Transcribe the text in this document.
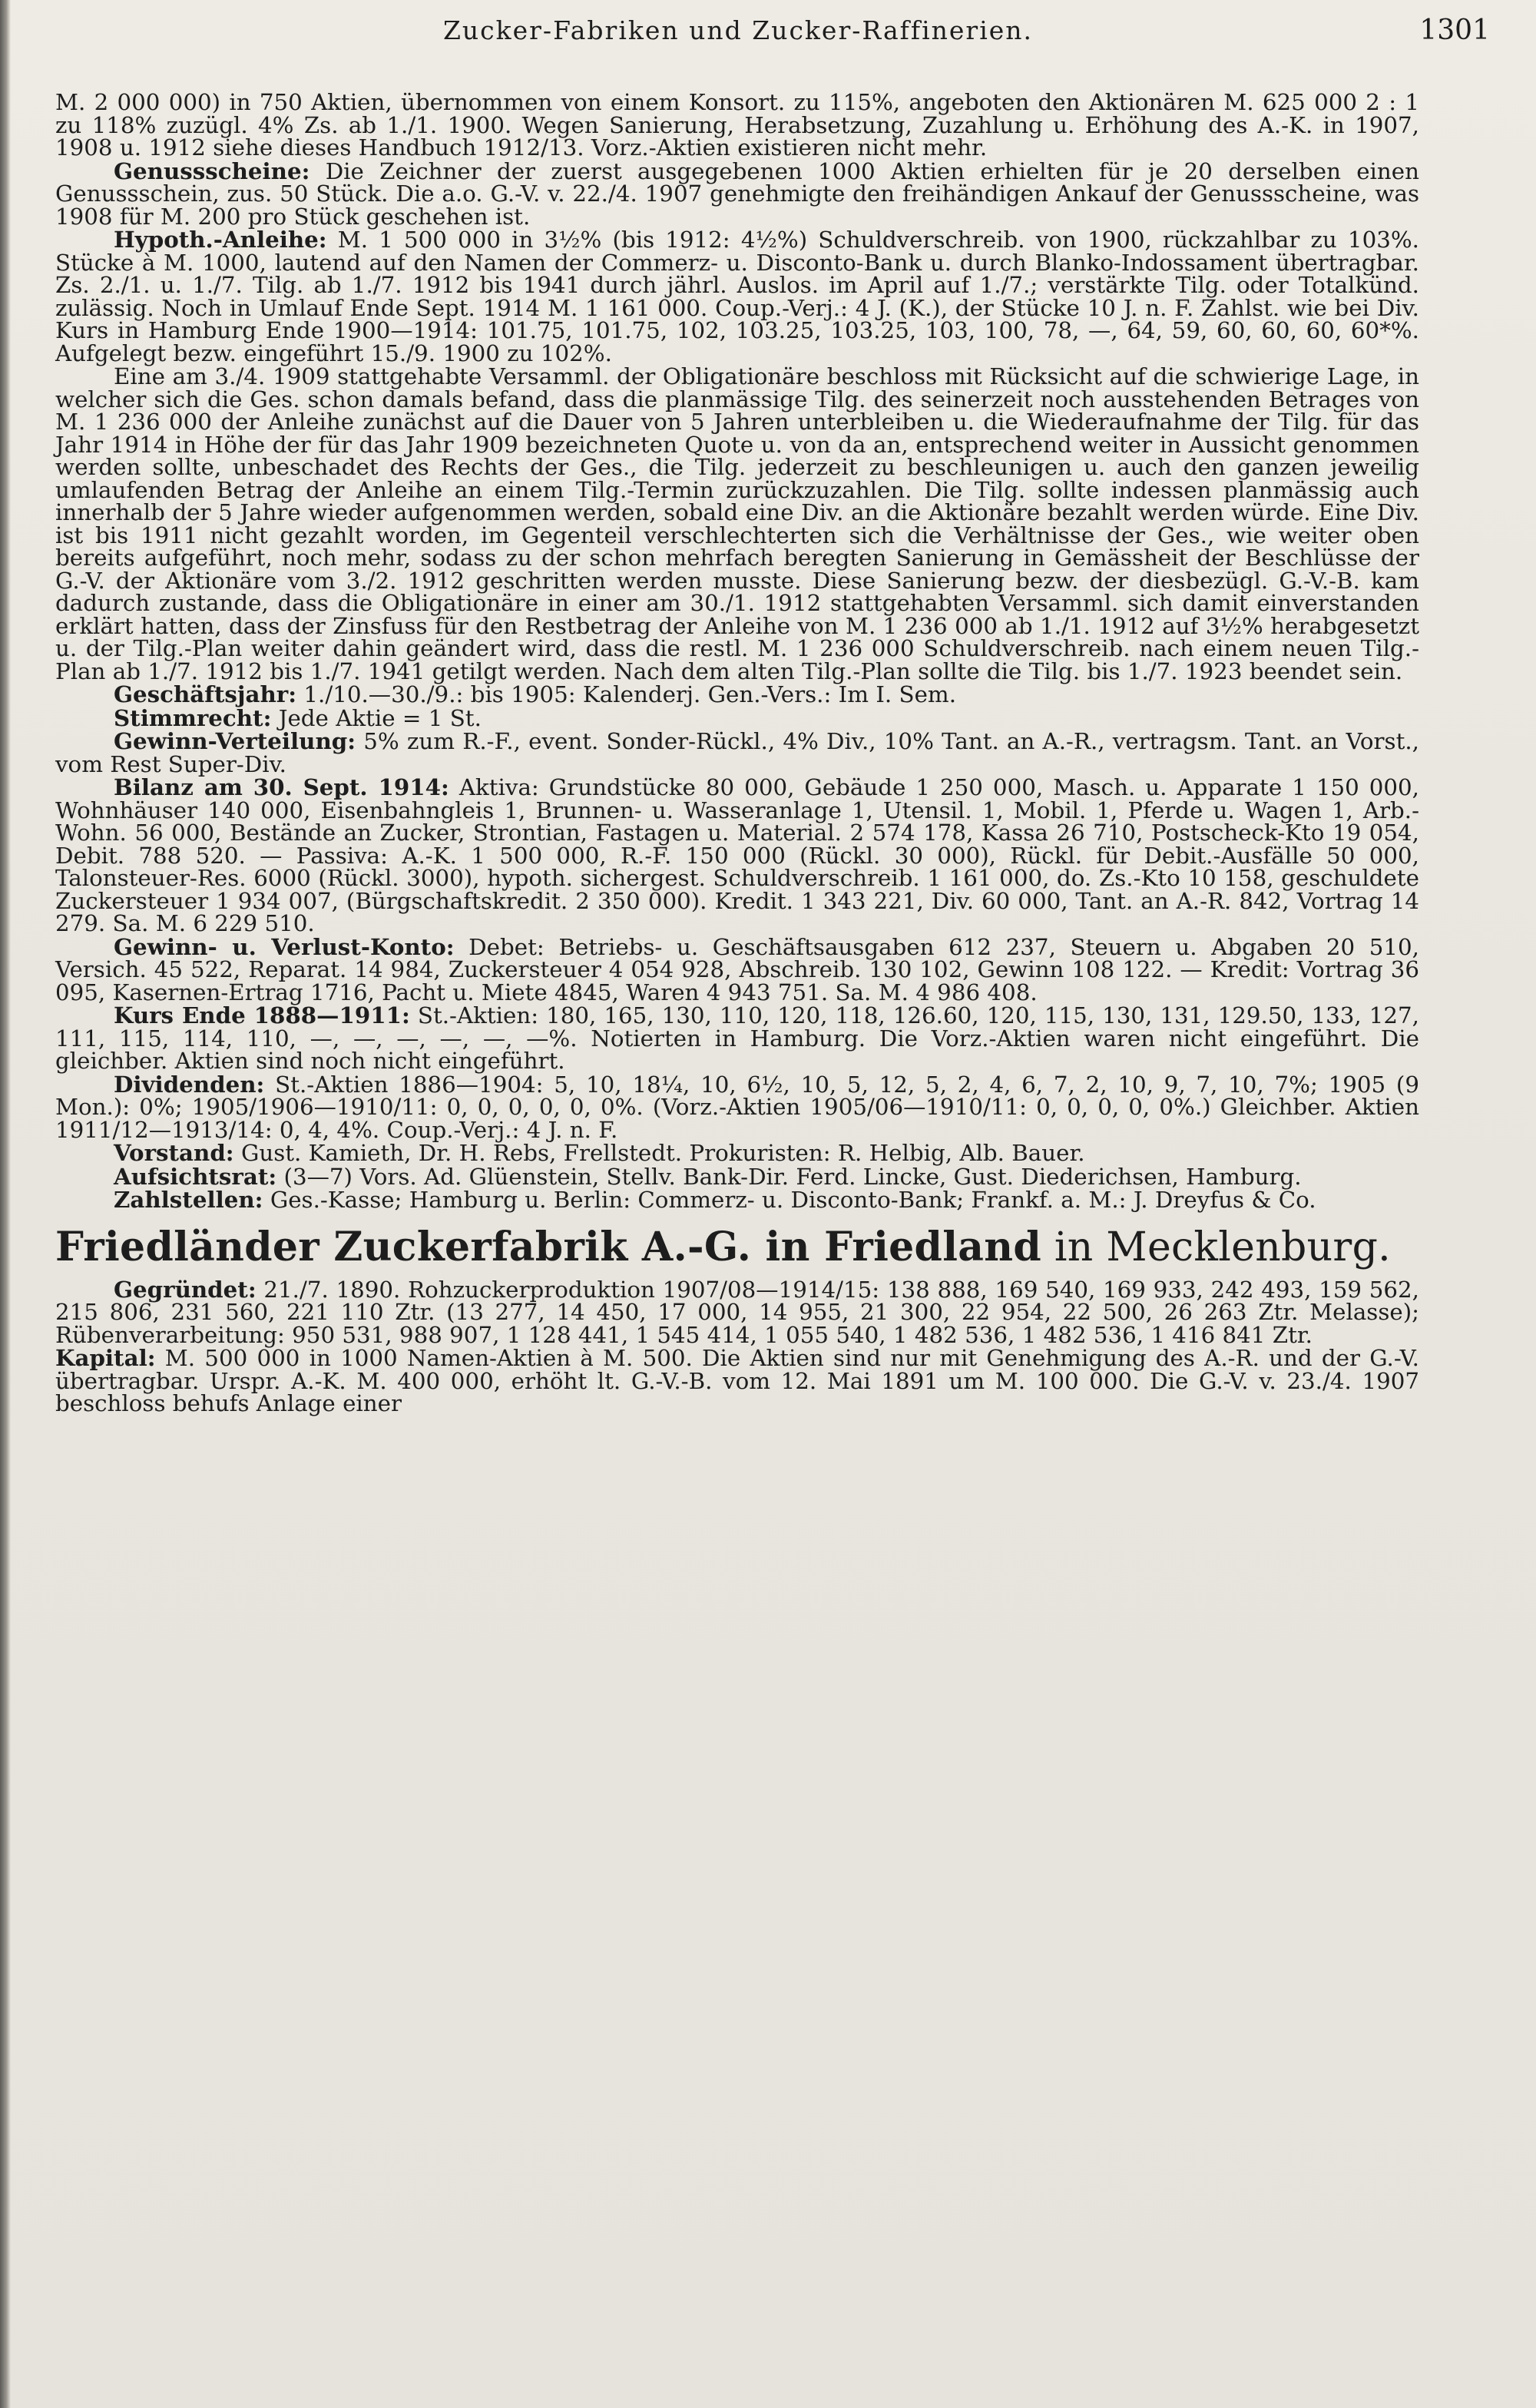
Zucker-Fabriken und Zucker-Raffinerien.	1301

M. 2 000 000) in 750 Aktien, übernommen von einem Konsort. zu 115%, angeboten den Aktionären M. 625 000 2 : 1 zu 118% zuzügl. 4% Zs. ab 1./1. 1900. Wegen Sanierung, Herabsetzung, Zuzahlung u. Erhöhung des A.-K. in 1907, 1908 u. 1912 siehe dieses Handbuch 1912/13. Vorz.-Aktien existieren nicht mehr.

Genussscheine: Die Zeichner der zuerst ausgegebenen 1000 Aktien erhielten für je 20 derselben einen Genussschein, zus. 50 Stück. Die a.o. G.-V. v. 22./4. 1907 genehmigte den freihändigen Ankauf der Genussscheine, was 1908 für M. 200 pro Stück geschehen ist.

Hypoth.-Anleihe: M. 1 500 000 in 3½% (bis 1912: 4½%) Schuldverschreib. von 1900, rückzahlbar zu 103%. Stücke à M. 1000, lautend auf den Namen der Commerz- u. Disconto-Bank u. durch Blanko-Indossament übertragbar. Zs. 2./1. u. 1./7. Tilg. ab 1./7. 1912 bis 1941 durch jährl. Auslos. im April auf 1./7.; verstärkte Tilg. oder Totalkünd. zulässig. Noch in Umlauf Ende Sept. 1914 M. 1 161 000. Coup.-Verj.: 4 J. (K.), der Stücke 10 J. n. F. Zahlst. wie bei Div. Kurs in Hamburg Ende 1900—1914: 101.75, 101.75, 102, 103.25, 103.25, 103, 100, 78, —, 64, 59, 60, 60, 60, 60*%. Aufgelegt bezw. eingeführt 15./9. 1900 zu 102%.

Eine am 3./4. 1909 stattgehabte Versamml. der Obligationäre beschloss mit Rücksicht auf die schwierige Lage, in welcher sich die Ges. schon damals befand, dass die planmässige Tilg. des seinerzeit noch ausstehenden Betrages von M. 1 236 000 der Anleihe zunächst auf die Dauer von 5 Jahren unterbleiben u. die Wiederaufnahme der Tilg. für das Jahr 1914 in Höhe der für das Jahr 1909 bezeichneten Quote u. von da an, entsprechend weiter in Aussicht genommen werden sollte, unbeschadet des Rechts der Ges., die Tilg. jederzeit zu beschleunigen u. auch den ganzen jeweilig umlaufenden Betrag der Anleihe an einem Tilg.-Termin zurückzuzahlen. Die Tilg. sollte indessen planmässig auch innerhalb der 5 Jahre wieder aufgenommen werden, sobald eine Div. an die Aktionäre bezahlt werden würde. Eine Div. ist bis 1911 nicht gezahlt worden, im Gegenteil verschlechterten sich die Verhältnisse der Ges., wie weiter oben bereits aufgeführt, noch mehr, sodass zu der schon mehrfach beregten Sanierung in Gemässheit der Beschlüsse der G.-V. der Aktionäre vom 3./2. 1912 geschritten werden musste. Diese Sanierung bezw. der diesbezügl. G.-V.-B. kam dadurch zustande, dass die Obligationäre in einer am 30./1. 1912 stattgehabten Versamml. sich damit einverstanden erklärt hatten, dass der Zinsfuss für den Restbetrag der Anleihe von M. 1 236 000 ab 1./1. 1912 auf 3½% herabgesetzt u. der Tilg.-Plan weiter dahin geändert wird, dass die restl. M. 1 236 000 Schuldverschreib. nach einem neuen Tilg.-Plan ab 1./7. 1912 bis 1./7. 1941 getilgt werden. Nach dem alten Tilg.-Plan sollte die Tilg. bis 1./7. 1923 beendet sein.

Geschäftsjahr: 1./10.—30./9.: bis 1905: Kalenderj. Gen.-Vers.: Im I. Sem.

Stimmrecht: Jede Aktie = 1 St.

Gewinn-Verteilung: 5% zum R.-F., event. Sonder-Rückl., 4% Div., 10% Tant. an A.-R., vertragsm. Tant. an Vorst., vom Rest Super-Div.

Bilanz am 30. Sept. 1914: Aktiva: Grundstücke 80 000, Gebäude 1 250 000, Masch. u. Apparate 1 150 000, Wohnhäuser 140 000, Eisenbahngleis 1, Brunnen- u. Wasseranlage 1, Utensil. 1, Mobil. 1, Pferde u. Wagen 1, Arb.-Wohn. 56 000, Bestände an Zucker, Strontian, Fastagen u. Material. 2 574 178, Kassa 26 710, Postscheck-Kto 19 054, Debit. 788 520. — Passiva: A.-K. 1 500 000, R.-F. 150 000 (Rückl. 30 000), Rückl. für Debit.-Ausfälle 50 000, Talonsteuer-Res. 6000 (Rückl. 3000), hypoth. sichergest. Schuldverschreib. 1 161 000, do. Zs.-Kto 10 158, geschuldete Zuckersteuer 1 934 007, (Bürgschaftskredit. 2 350 000). Kredit. 1 343 221, Div. 60 000, Tant. an A.-R. 842, Vortrag 14 279. Sa. M. 6 229 510.

Gewinn- u. Verlust-Konto: Debet: Betriebs- u. Geschäftsausgaben 612 237, Steuern u. Abgaben 20 510, Versich. 45 522, Reparat. 14 984, Zuckersteuer 4 054 928, Abschreib. 130 102, Gewinn 108 122. — Kredit: Vortrag 36 095, Kasernen-Ertrag 1716, Pacht u. Miete 4845, Waren 4 943 751. Sa. M. 4 986 408.

Kurs Ende 1888—1911: St.-Aktien: 180, 165, 130, 110, 120, 118, 126.60, 120, 115, 130, 131, 129.50, 133, 127, 111, 115, 114, 110, —, —, —, —, —, —%. Notierten in Hamburg. Die Vorz.-Aktien waren nicht eingeführt. Die gleichber. Aktien sind noch nicht eingeführt.

Dividenden: St.-Aktien 1886—1904: 5, 10, 18¼, 10, 6½, 10, 5, 12, 5, 2, 4, 6, 7, 2, 10, 9, 7, 10, 7%; 1905 (9 Mon.): 0%; 1905/1906—1910/11: 0, 0, 0, 0, 0, 0%. (Vorz.-Aktien 1905/06—1910/11: 0, 0, 0, 0, 0%.) Gleichber. Aktien 1911/12—1913/14: 0, 4, 4%. Coup.-Verj.: 4 J. n. F.

Vorstand: Gust. Kamieth, Dr. H. Rebs, Frellstedt. Prokuristen: R. Helbig, Alb. Bauer.

Aufsichtsrat: (3—7) Vors. Ad. Glüenstein, Stellv. Bank-Dir. Ferd. Lincke, Gust. Diederichsen, Hamburg.

Zahlstellen: Ges.-Kasse; Hamburg u. Berlin: Commerz- u. Disconto-Bank; Frankf. a. M.: J. Dreyfus & Co.

Friedländer Zuckerfabrik A.-G. in Friedland in Mecklenburg.

Gegründet: 21./7. 1890. Rohzuckerproduktion 1907/08—1914/15: 138 888, 169 540, 169 933, 242 493, 159 562, 215 806, 231 560, 221 110 Ztr. (13 277, 14 450, 17 000, 14 955, 21 300, 22 954, 22 500, 26 263 Ztr. Melasse); Rübenverarbeitung: 950 531, 988 907, 1 128 441, 1 545 414, 1 055 540, 1 482 536, 1 482 536, 1 416 841 Ztr.

Kapital: M. 500 000 in 1000 Namen-Aktien à M. 500. Die Aktien sind nur mit Genehmigung des A.-R. und der G.-V. übertragbar. Urspr. A.-K. M. 400 000, erhöht lt. G.-V.-B. vom 12. Mai 1891 um M. 100 000. Die G.-V. v. 23./4. 1907 beschloss behufs Anlage einer
